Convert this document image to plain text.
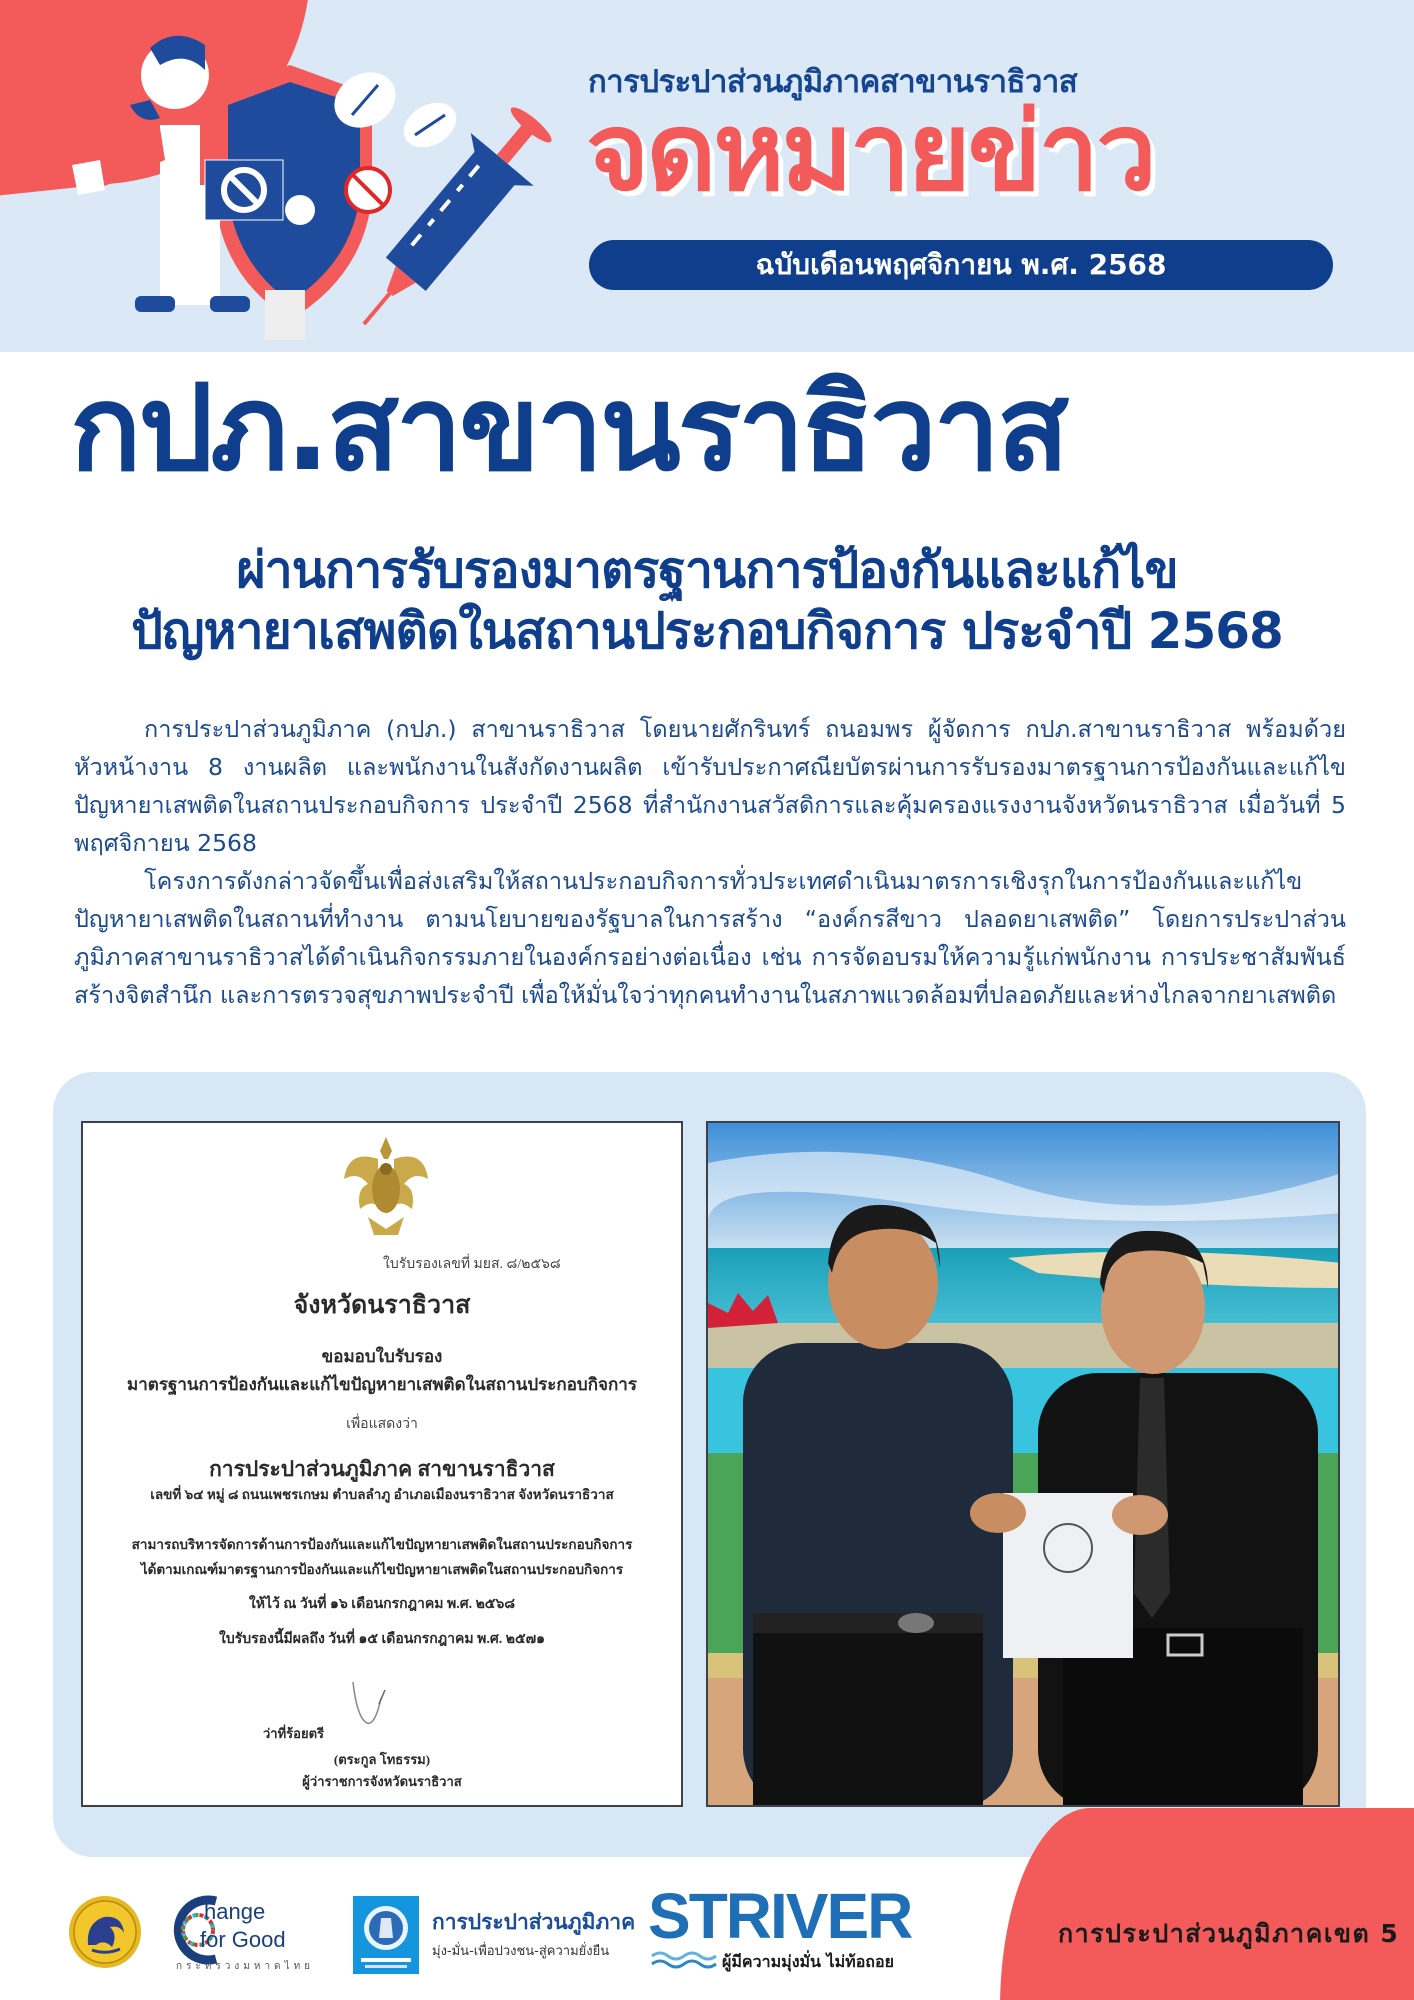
การประปาส่วนภูมิภาคสาขานราธิวาส
จดหมายข่าว
ฉบับเดือนพฤศจิกายน พ.ศ. 2568
กปภ.สาขานราธิวาส
ผ่านการรับรองมาตรฐานการป้องกันและแก้ไข
ปัญหายาเสพติดในสถานประกอบกิจการ ประจำปี 2568

การประปาส่วนภูมิภาค (กปภ.) สาขานราธิวาส โดยนายศักรินทร์ ถนอมพร ผู้จัดการ กปภ.สาขานราธิวาส พร้อมด้วยหัวหน้างาน 8 งานผลิต และพนักงานในสังกัดงานผลิต เข้ารับประกาศณียบัตรผ่านการรับรองมาตรฐานการป้องกันและแก้ไขปัญหายาเสพติดในสถานประกอบกิจการ ประจำปี 2568 ที่สำนักงานสวัสดิการและคุ้มครองแรงงานจังหวัดนราธิวาส เมื่อวันที่ 5 พฤศจิกายน 2568

โครงการดังกล่าวจัดขึ้นเพื่อส่งเสริมให้สถานประกอบกิจการทั่วประเทศดำเนินมาตรการเชิงรุกในการป้องกันและแก้ไขปัญหายาเสพติดในสถานที่ทำงาน ตามนโยบายของรัฐบาลในการสร้าง “องค์กรสีขาว ปลอดยาเสพติด” โดยการประปาส่วนภูมิภาคสาขานราธิวาสได้ดำเนินกิจกรรมภายในองค์กรอย่างต่อเนื่อง เช่น การจัดอบรมให้ความรู้แก่พนักงาน การประชาสัมพันธ์สร้างจิตสำนึก และการตรวจสุขภาพประจำปี เพื่อให้มั่นใจว่าทุกคนทำงานในสภาพแวดล้อมที่ปลอดภัยและห่างไกลจากยาเสพติด

ใบรับรองเลขที่ มยส. ๘/๒๕๖๘
จังหวัดนราธิวาส
ขอมอบใบรับรอง
มาตรฐานการป้องกันและแก้ไขปัญหายาเสพติดในสถานประกอบกิจการ
เพื่อแสดงว่า
การประปาส่วนภูมิภาค สาขานราธิวาส
เลขที่ ๖๔ หมู่ ๘ ถนนเพชรเกษม ตำบลลำภู อำเภอเมืองนราธิวาส จังหวัดนราธิวาส
สามารถบริหารจัดการด้านการป้องกันและแก้ไขปัญหายาเสพติดในสถานประกอบกิจการ
ได้ตามเกณฑ์มาตรฐานการป้องกันและแก้ไขปัญหายาเสพติดในสถานประกอบกิจการ
ให้ไว้ ณ วันที่ ๑๖ เดือนกรกฎาคม พ.ศ. ๒๕๖๘
ใบรับรองนี้มีผลถึง วันที่ ๑๕ เดือนกรกฎาคม พ.ศ. ๒๕๗๑
ว่าที่ร้อยตรี
(ตระกูล โทธรรม)
ผู้ว่าราชการจังหวัดนราธิวาส
hange
for Good
กระทรวงมหาดไทย
การประปาส่วนภูมิภาค
มุ่ง-มั่น-เพื่อปวงชน-สู่ความยั่งยืน STRIVER
ผู้มีความมุ่งมั่น ไม่ท้อถอย
การประปาส่วนภูมิภาคเขต 5
